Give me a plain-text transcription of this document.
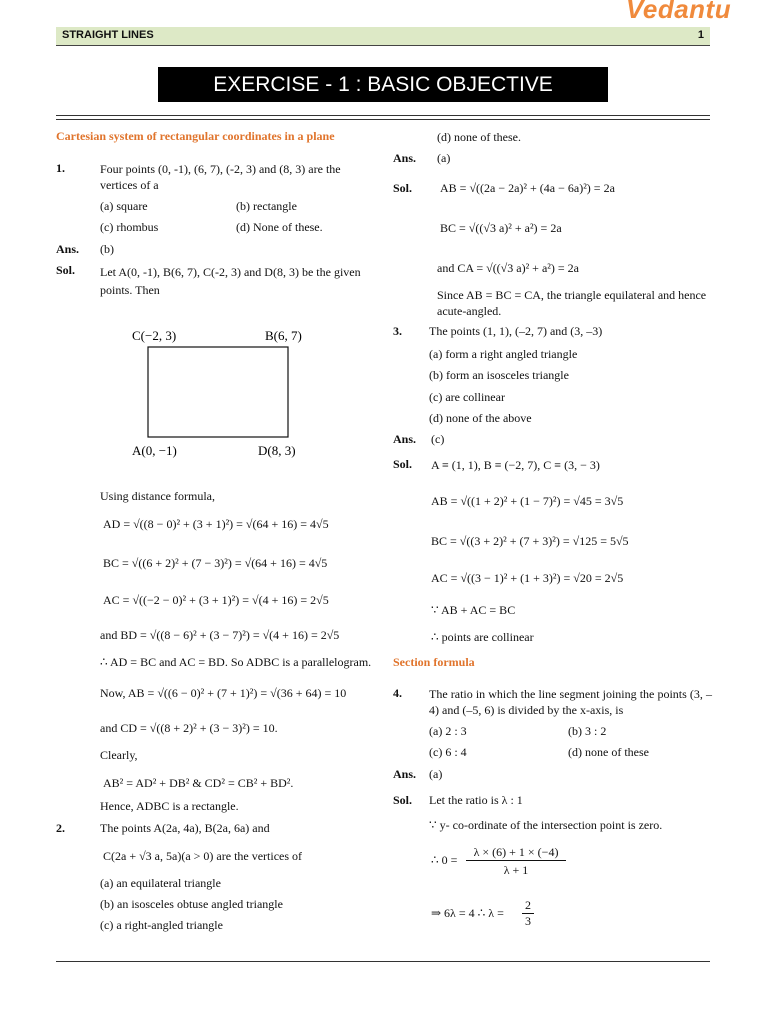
Vedantu
STRAIGHT LINES	1
EXERCISE - 1 : BASIC OBJECTIVE QUESTIONS
Cartesian system of rectangular coordinates in a plane
1.	Four points (0, -1), (6, 7), (-2, 3) and (8, 3) are the vertices of a
(a) square	(b) rectangle
(c) rhombus	(d) None of these.
Ans. (b)
Sol. Let A(0, -1), B(6, 7), C(-2, 3) and D(8, 3) be the given points. Then
C(−2, 3)	B(6, 7)
A(0, −1)	D(8, 3)
Using distance formula,
AD = √((8 − 0)² + (3 + 1)²) = √(64 + 16) = 4√5
BC = √((6 + 2)² + (7 − 3)²) = √(64 + 16) = 4√5
AC = √((−2 − 0)² + (3 + 1)²) = √(4 + 16) = 2√5
and BD = √((8 − 6)² + (3 − 7)²) = √(4 + 16) = 2√5
∴ AD = BC and AC = BD. So ADBC is a parallelogram.
Now, AB = √((6 − 0)² + (7 + 1)²) = √(36 + 64) = 10
and CD = √((8 + 2)² + (3 − 3)²) = 10.
Clearly,
AB² = AD² + DB² & CD² = CB² + BD².
Hence, ADBC is a rectangle.
2.	The points A(2a, 4a), B(2a, 6a) and
C(2a + √3 a, 5a)(a > 0) are the vertices of
(a) an equilateral triangle
(b) an isosceles obtuse angled triangle
(c) a right-angled triangle
(d) none of these.
Ans. (a)
Sol. AB = √((2a − 2a)² + (4a − 6a)²) = 2a
BC = √((√3 a)² + a²) = 2a
and CA = √((√3 a)² + a²) = 2a
Since AB = BC = CA, the triangle equilateral and hence acute-angled.
3. The points (1, 1), (–2, 7) and (3, –3)
(a) form a right angled triangle
(b) form an isosceles triangle
(c) are collinear
(d) none of the above
Ans. (c)
Sol. A ≡ (1, 1), B ≡ (−2, 7), C ≡ (3, − 3)
AB = √((1 + 2)² + (1 − 7)²) = √45 = 3√5
BC = √((3 + 2)² + (7 + 3)²) = √125 = 5√5
AC = √((3 − 1)² + (1 + 3)²) = √20 = 2√5
∵ AB + AC = BC
∴ points are collinear
Section formula
4. The ratio in which the line segment joining the points (3, –4) and (–5, 6) is divided by the x-axis, is
(a) 2 : 3	(b) 3 : 2
(c) 6 : 4	(d) none of these
Ans. (a)
Sol. Let the ratio is λ : 1
∵ y- co-ordinate of the intersection point is zero.
∴ 0 =
λ × (6) + 1 × (−4)
λ + 1
⇒ 6λ = 4 ∴ λ =
2
3
